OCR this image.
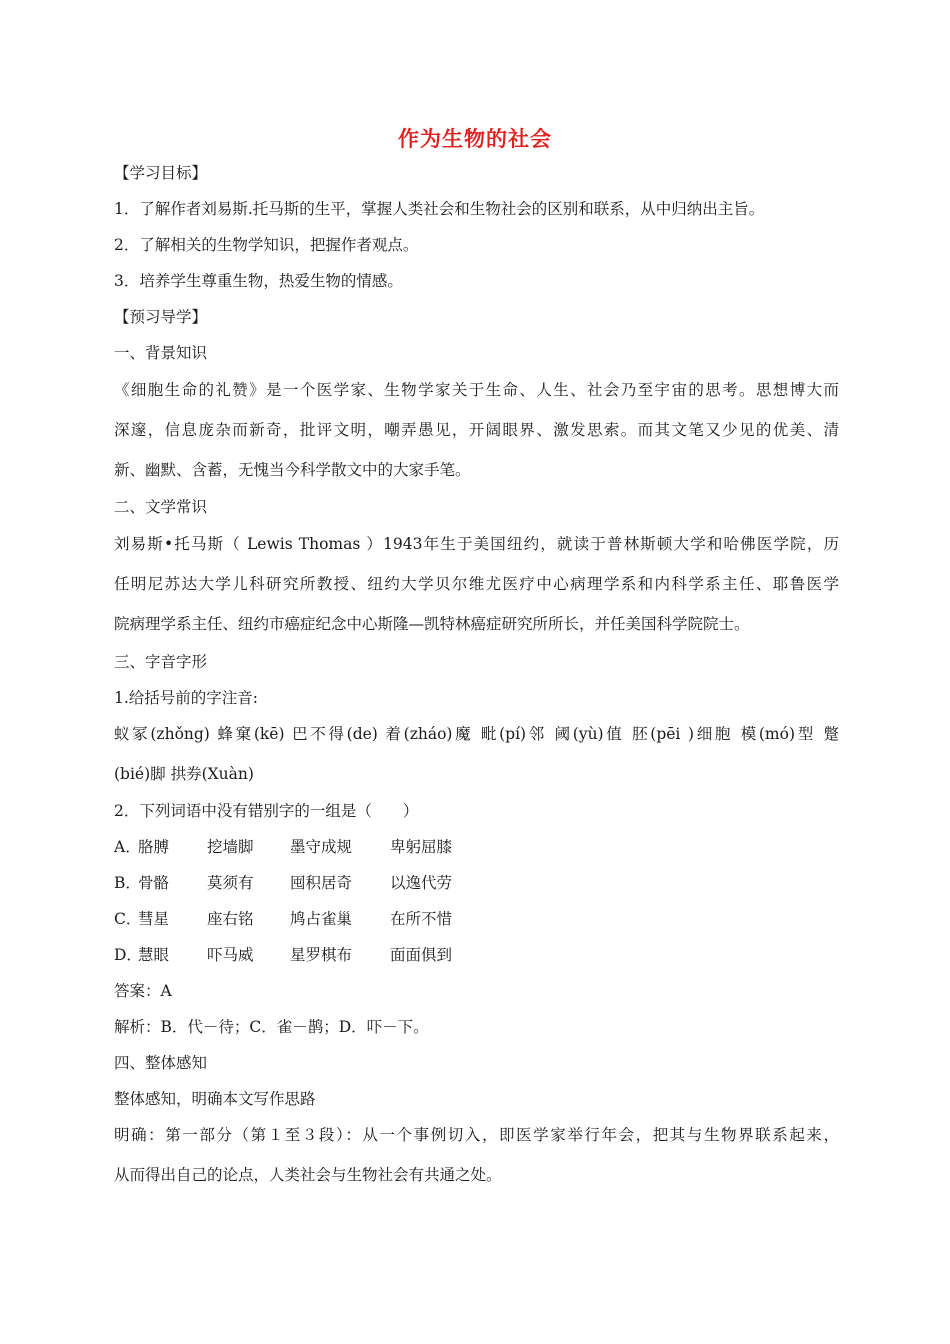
作为生物的社会
【学习目标】
1．了解作者刘易斯.托马斯的生平，掌握人类社会和生物社会的区别和联系，从中归纳出主旨。
2．了解相关的生物学知识，把握作者观点。
3．培养学生尊重生物，热爱生物的情感。
【预习导学】
一、背景知识
《细胞生命的礼赞》是一个医学家、生物学家关于生命、人生、社会乃至宇宙的思考。思想博大而
深邃，信息庞杂而新奇，批评文明，嘲弄愚见，开阔眼界、激发思索。而其文笔又少见的优美、清
新、幽默、含蓄，无愧当今科学散文中的大家手笔。
二、文学常识
刘易斯•托马斯（ Lewis Thomas ）1943年生于美国纽约，就读于普林斯顿大学和哈佛医学院，历
任明尼苏达大学儿科研究所教授、纽约大学贝尔维尤医疗中心病理学系和内科学系主任、耶鲁医学
院病理学系主任、纽约市癌症纪念中心斯隆—凯特林癌症研究所所长，并任美国科学院院士。
三、字音字形
1.给括号前的字注音:
蚁冢(zhǒng) 蜂窠(kē) 巴不得(de) 着(zháo)魔 毗(pí)邻 阈(yù)值 胚(pēi )细胞 模(mó)型 蹩
(bié)脚 拱券(Xuàn)
2．下列词语中没有错别字的一组是（　　）
A．
胳膊 挖墙脚 墨守成规 卑躬屈膝
B．
骨骼 莫须有 囤积居奇 以逸代劳
C．
彗星 座右铭 鸠占雀巢 在所不惜
D．
慧眼 吓马威 星罗棋布 面面俱到
答案：A
解析：B．代－待；C．雀－鹊；D．吓－下。
四、整体感知
整体感知，明确本文写作思路
明确：第一部分（第１至３段）：从一个事例切入，即医学家举行年会，把其与生物界联系起来，
从而得出自己的论点，人类社会与生物社会有共通之处。
